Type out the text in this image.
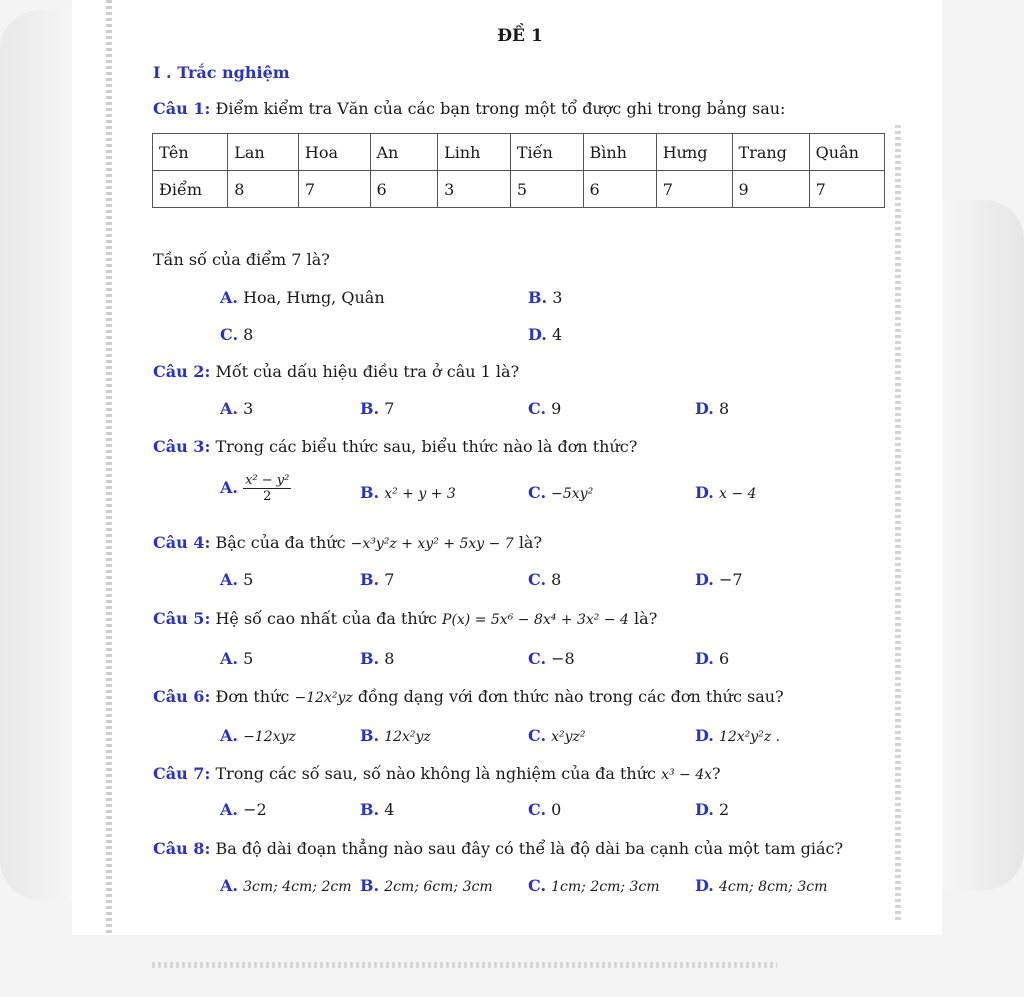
ĐỀ 1
I . Trắc nghiệm
Câu 1: Điểm kiểm tra Văn của các bạn trong một tổ được ghi trong bảng sau:
Tên	Lan	Hoa	An	Linh	Tiến	Bình	Hưng	Trang	Quân
Điểm	8	7	6	3	5	6	7	9	7
Tần số của điểm 7 là?
A. Hoa, Hưng, Quân	B. 3
C. 8	D. 4
Câu 2: Mốt của dấu hiệu điều tra ở câu 1 là?
A. 3	B. 7	C. 9	D. 8
Câu 3: Trong các biểu thức sau, biểu thức nào là đơn thức?
A. $\frac{\text{x² − y²}}{2}$	B. x² + y + 3	C. −5xy²	D. x − 4
Câu 4: Bậc của đa thức −x³y²z + xy² + 5xy − 7 là?
A. 5	B. 7	C. 8	D. −7
Câu 5: Hệ số cao nhất của đa thức P(x) = 5x⁶ − 8x⁴ + 3x² − 4 là?
A. 5	B. 8	C. −8	D. 6
Câu 6: Đơn thức −12x²yz đồng dạng với đơn thức nào trong các đơn thức sau?
A. −12xyz	B. 12x²yz	C. x²yz²	D. 12x²y²z .
Câu 7: Trong các số sau, số nào không là nghiệm của đa thức x³ − 4x?
A. −2	B. 4	C. 0	D. 2
Câu 8: Ba độ dài đoạn thẳng nào sau đây có thể là độ dài ba cạnh của một tam giác?
A. 3cm; 4cm; 2cm B. 2cm; 6cm; 3cm C. 1cm; 2cm; 3cm D. 4cm; 8cm; 3cm
